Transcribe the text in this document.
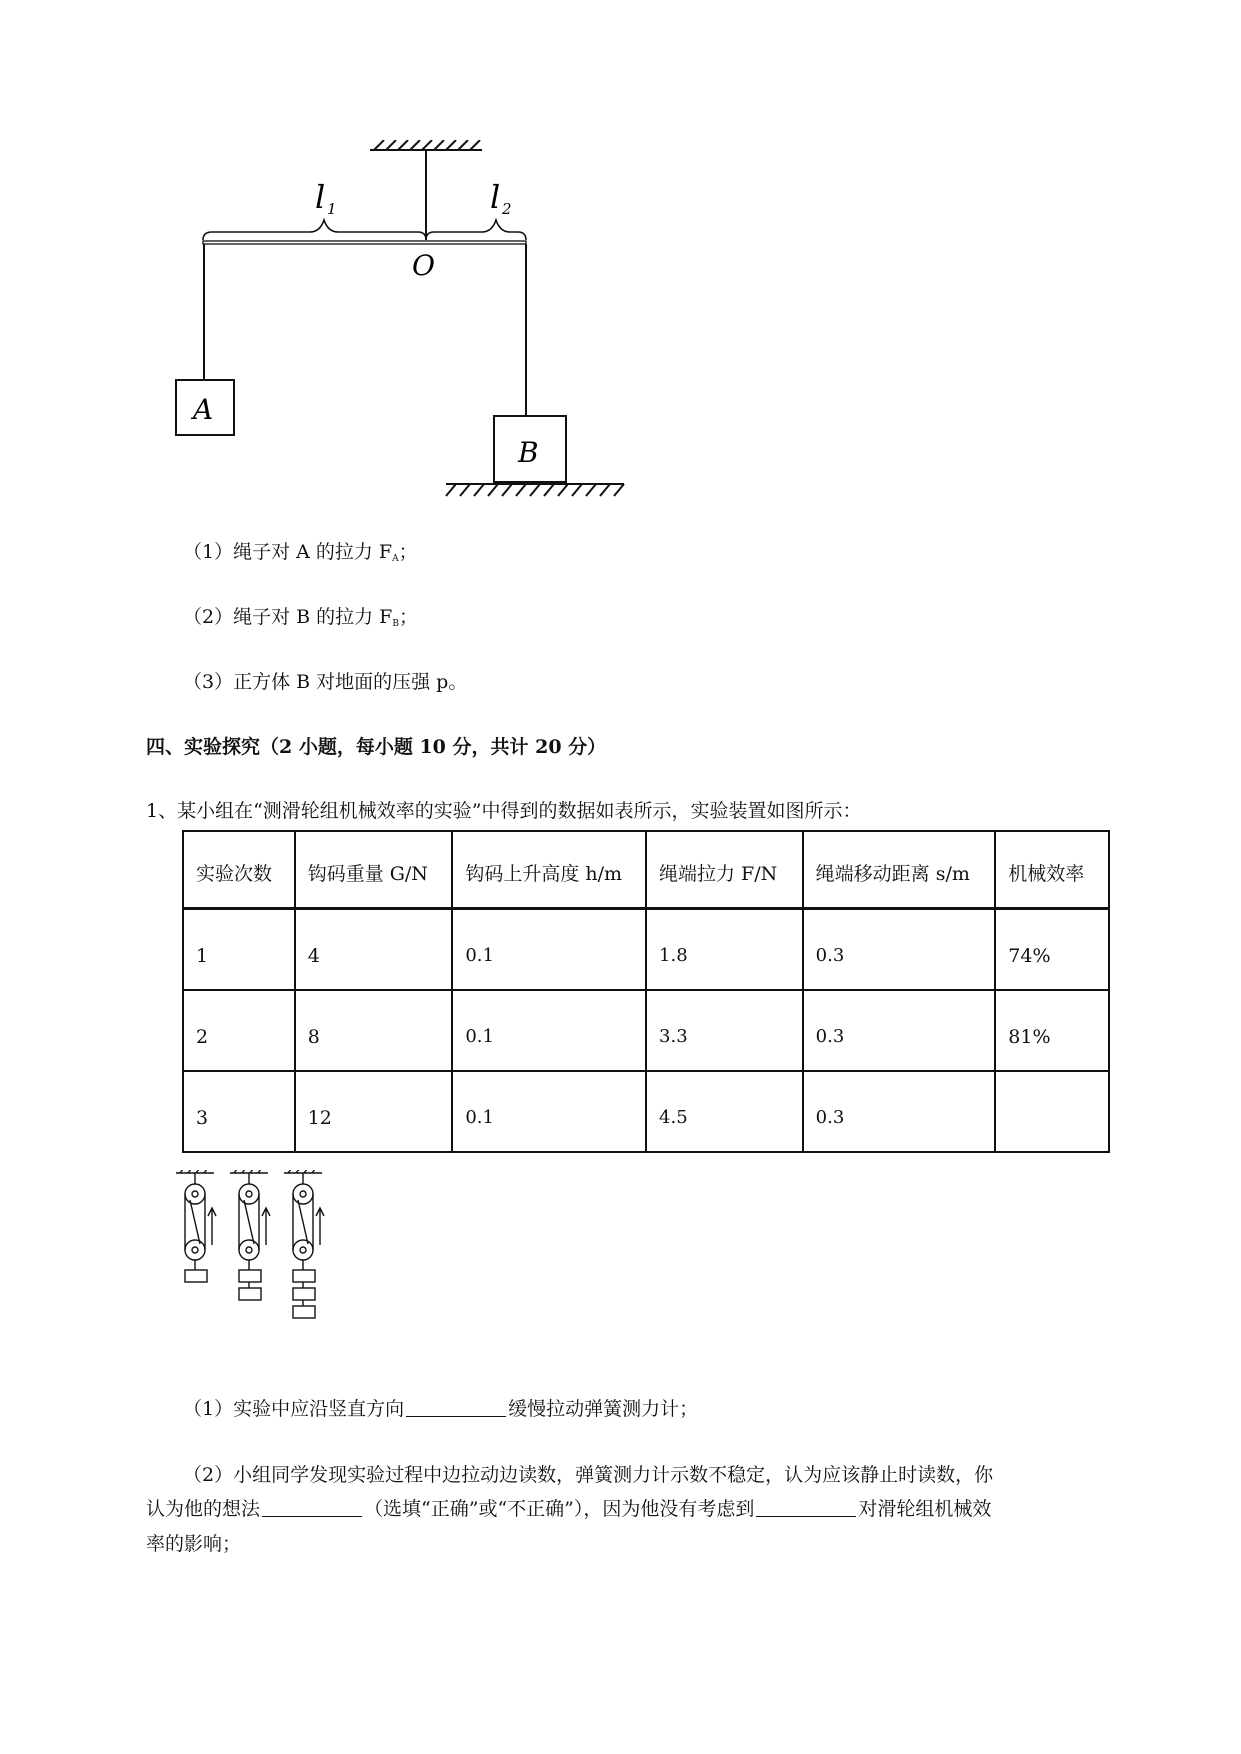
l 1	l 2
O
A
B
（1）绳子对 A 的拉力 $F_A$；
（2）绳子对 B 的拉力 $F_B$；
（3）正方体 B 对地面的压强 p。
四、实验探究（2 小题，每小题 10 分，共计 20 分）
1、某小组在“测滑轮组机械效率的实验”中得到的数据如表所示，实验装置如图所示：
实验次数	钩码重量 G/N	钩码上升高度 h/m	绳端拉力 F/N	绳端移动距离 s/m	机械效率
1	4	0.1	1.8	0.3	74%
2	8	0.1	3.3	0.3	81%
3	12	0.1	4.5	0.3	
（1）实验中应沿竖直方向	缓慢拉动弹簧测力计；
（2）小组同学发现实验过程中边拉动边读数，弹簧测力计示数不稳定，认为应该静止时读数，你
认为他的想法	（选填“正确”或“不正确”），因为他没有考虑到	对滑轮组机械效
率的影响；
